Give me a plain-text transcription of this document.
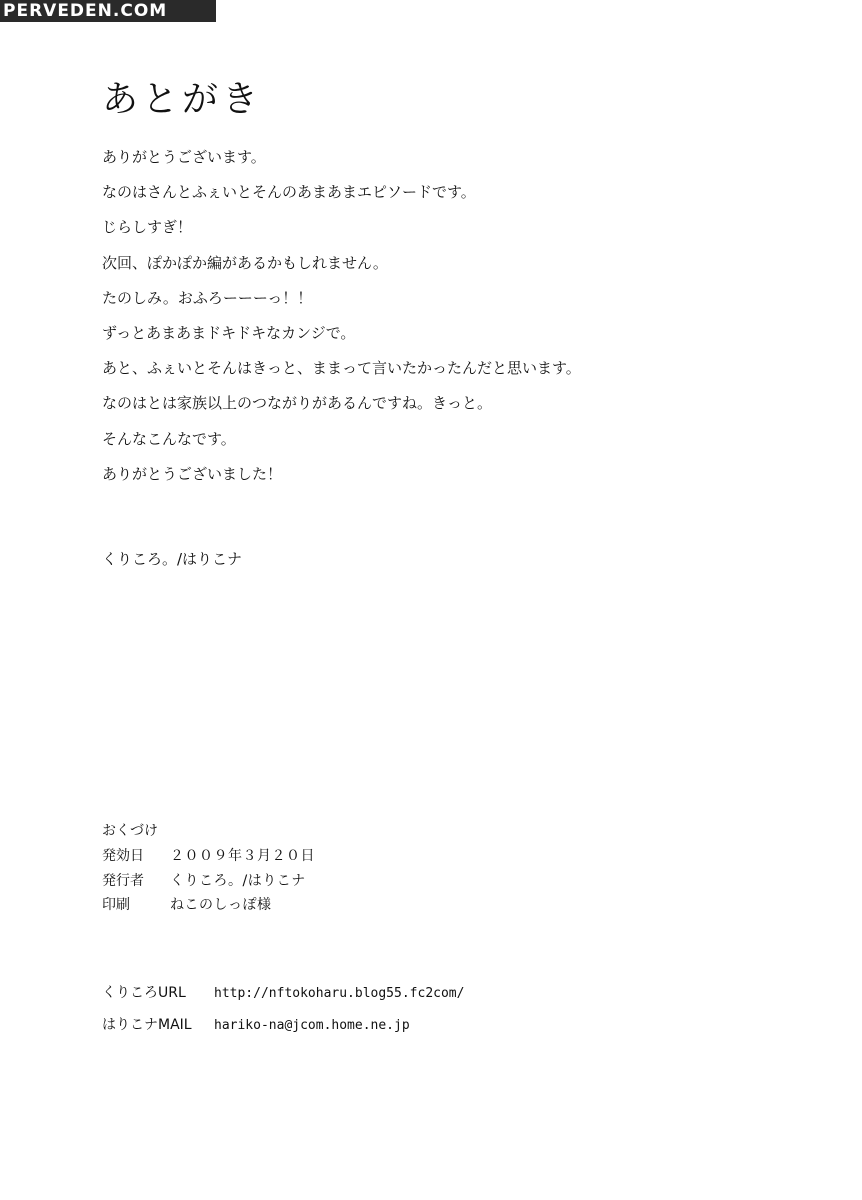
PERVEDEN.COM
あとがき
ありがとうございます。
なのはさんとふぇいとそんのあまあまエピソードです。
じらしすぎ！
次回、ぽかぽか編があるかもしれません。
たのしみ。おふろーーーっ！！
ずっとあまあまドキドキなカンジで。
あと、ふぇいとそんはきっと、ままって言いたかったんだと思います。
なのはとは家族以上のつながりがあるんですね。きっと。
そんなこんなです。
ありがとうございました！
くりころ。/はりこナ
おくづけ
発効日 ２００９年３月２０日
発行者 くりころ。/はりこナ
印刷	ねこのしっぽ様
くりころURL http://nftokoharu.blog55.fc2com/
はりこナMAIL hariko-na@jcom.home.ne.jp
